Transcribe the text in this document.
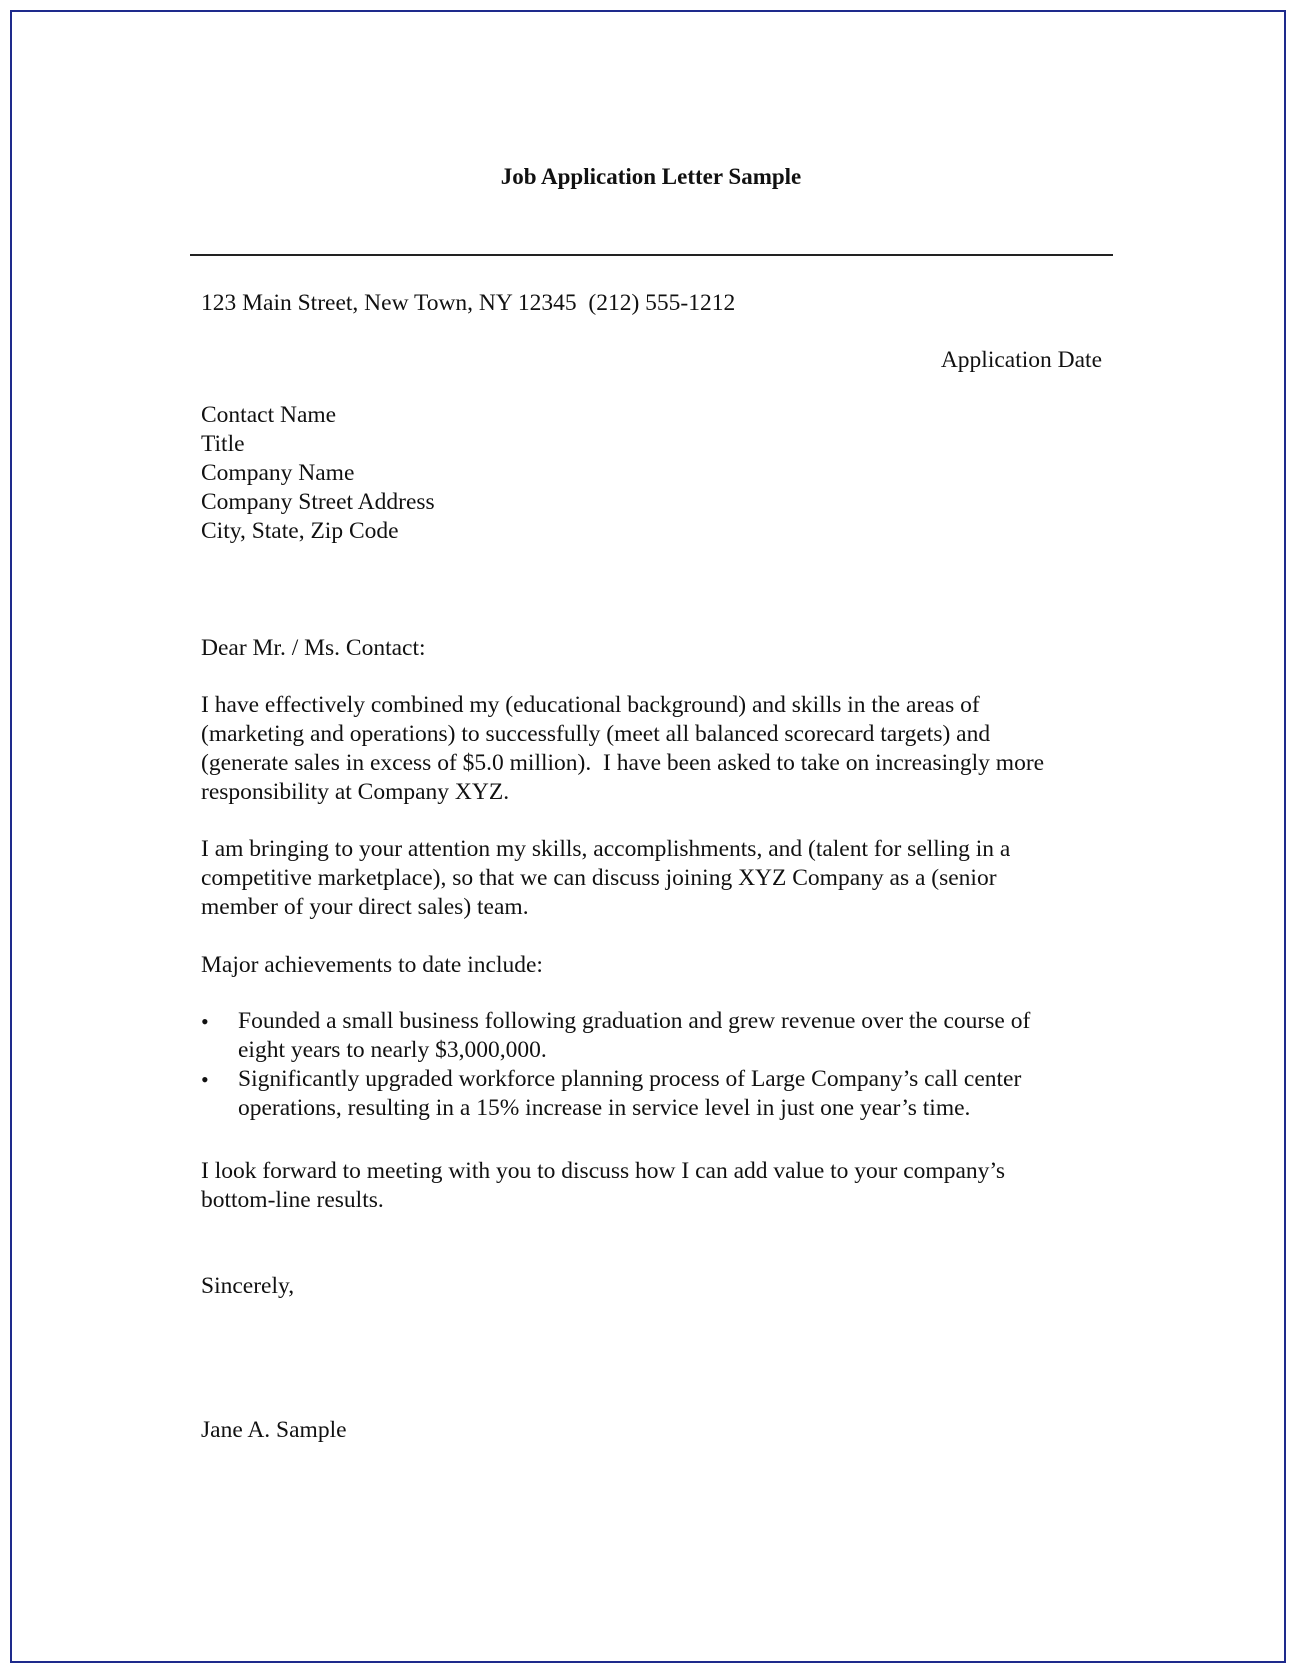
Job Application Letter Sample
123 Main Street, New Town, NY 12345  (212) 555-1212
Application Date
Contact Name
Title
Company Name
Company Street Address
City, State, Zip Code
Dear Mr. / Ms. Contact:
I have effectively combined my (educational background) and skills in the areas of
(marketing and operations) to successfully (meet all balanced scorecard targets) and
(generate sales in excess of $5.0 million).  I have been asked to take on increasingly more
responsibility at Company XYZ.
I am bringing to your attention my skills, accomplishments, and (talent for selling in a
competitive marketplace), so that we can discuss joining XYZ Company as a (senior
member of your direct sales) team.
Major achievements to date include:
• Founded a small business following graduation and grew revenue over the course of
eight years to nearly $3,000,000.
• Significantly upgraded workforce planning process of Large Company’s call center
operations, resulting in a 15% increase in service level in just one year’s time.
I look forward to meeting with you to discuss how I can add value to your company’s
bottom-line results.
Sincerely,
Jane A. Sample
